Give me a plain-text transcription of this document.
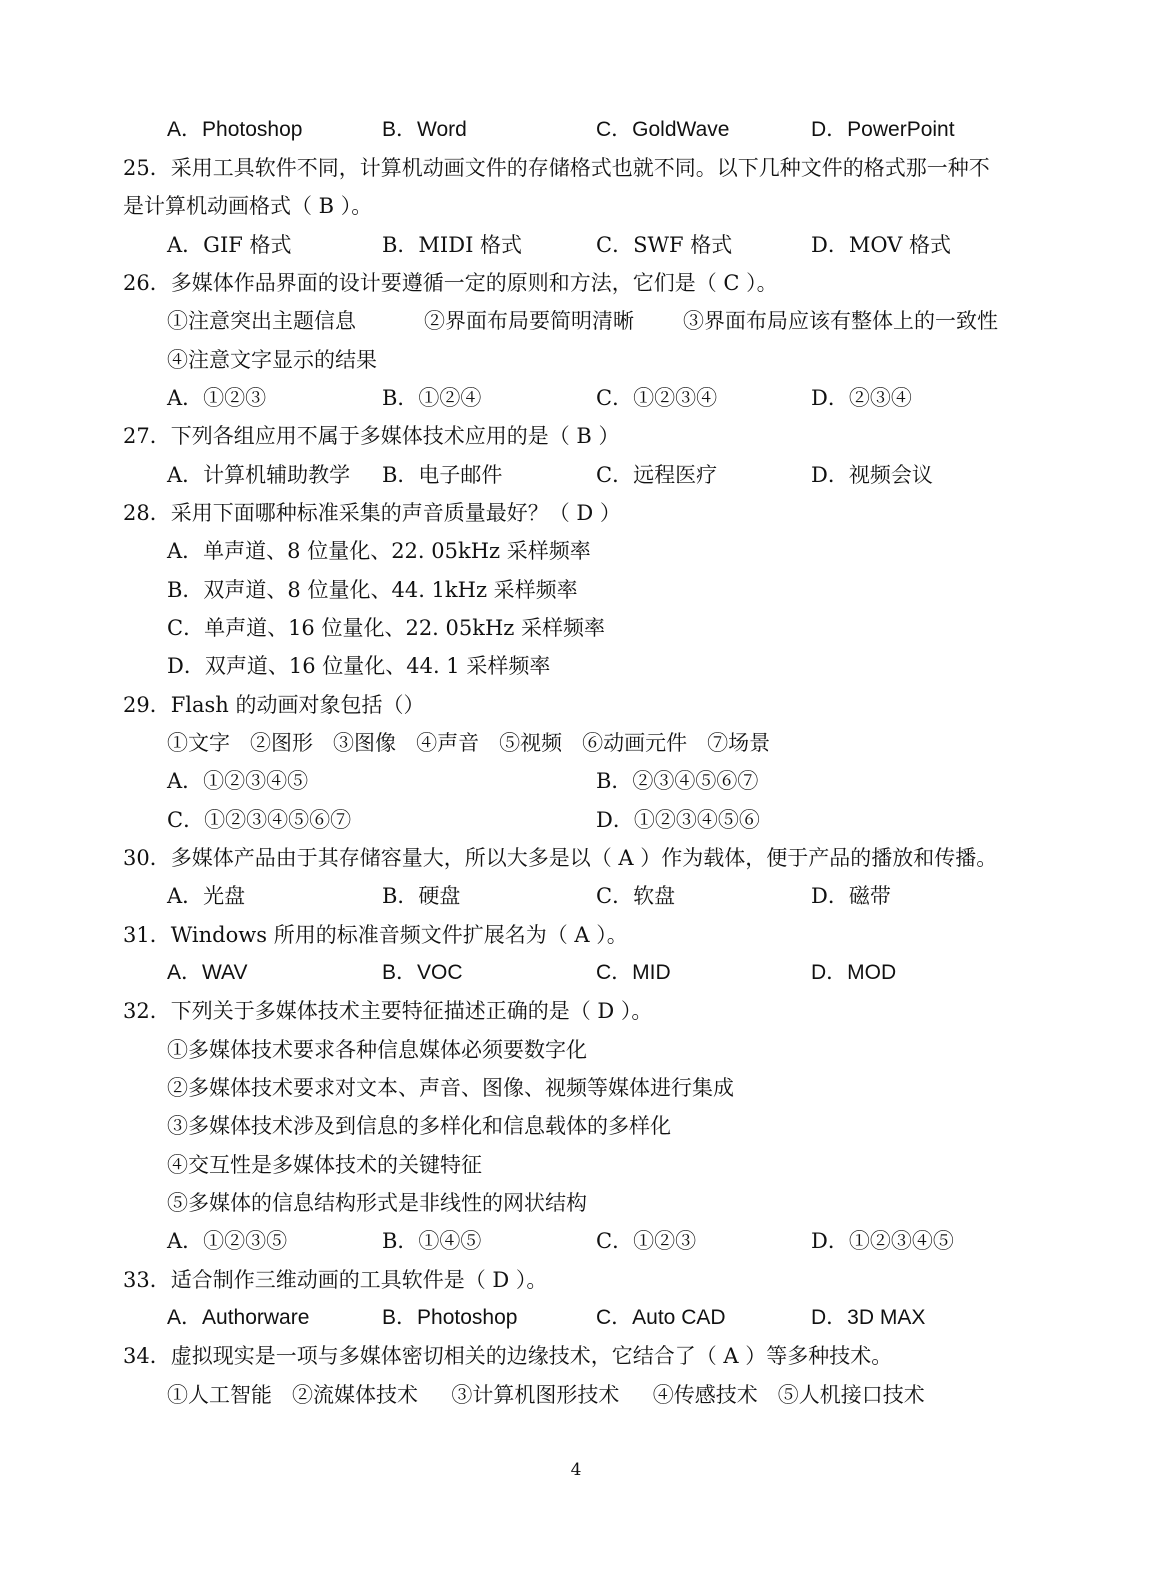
A．Photoshop	B．Word	C．GoldWave	D．PowerPoint
25．采用工具软件不同，计算机动画文件的存储格式也就不同。以下几种文件的格式那一种不
是计算机动画格式（ B ）。
A．GIF 格式	B．MIDI 格式	C．SWF 格式	D．MOV 格式
26．多媒体作品界面的设计要遵循一定的原则和方法，它们是（ C ）。
①注意突出主题信息	②界面布局要简明清晰 ③界面布局应该有整体上的一致性
④注意文字显示的结果
A．①②③	B．①②④	C．①②③④	D．②③④
27．下列各组应用不属于多媒体技术应用的是（ B ）
A．计算机辅助教学 B．电子邮件	C．远程医疗	D．视频会议
28．采用下面哪种标准采集的声音质量最好？（ D ）
A．单声道、8 位量化、22. 05kHz 采样频率
B．双声道、8 位量化、44. 1kHz 采样频率
C．单声道、16 位量化、22. 05kHz 采样频率
D．双声道、16 位量化、44. 1 采样频率
29．Flash 的动画对象包括（）
①文字   ②图形   ③图像   ④声音   ⑤视频   ⑥动画元件   ⑦场景
A．①②③④⑤	B．②③④⑤⑥⑦
C．①②③④⑤⑥⑦	D．①②③④⑤⑥
30．多媒体产品由于其存储容量大，所以大多是以（ A ）作为载体，便于产品的播放和传播。
A．光盘	B．硬盘	C．软盘	D．磁带
31．Windows 所用的标准音频文件扩展名为（ A ）。
A．WAV	B．VOC	C．MID	D．MOD
32．下列关于多媒体技术主要特征描述正确的是（ D ）。
①多媒体技术要求各种信息媒体必须要数字化
②多媒体技术要求对文本、声音、图像、视频等媒体进行集成
③多媒体技术涉及到信息的多样化和信息载体的多样化
④交互性是多媒体技术的关键特征
⑤多媒体的信息结构形式是非线性的网状结构
A．①②③⑤	B．①④⑤	C．①②③	D．①②③④⑤
33．适合制作三维动画的工具软件是（ D ）。
A．Authorware	B．Photoshop	C．Auto CAD	D．3D MAX
34．虚拟现实是一项与多媒体密切相关的边缘技术，它结合了（ A ）等多种技术。
①人工智能   ②流媒体技术     ③计算机图形技术     ④传感技术   ⑤人机接口技术
4
